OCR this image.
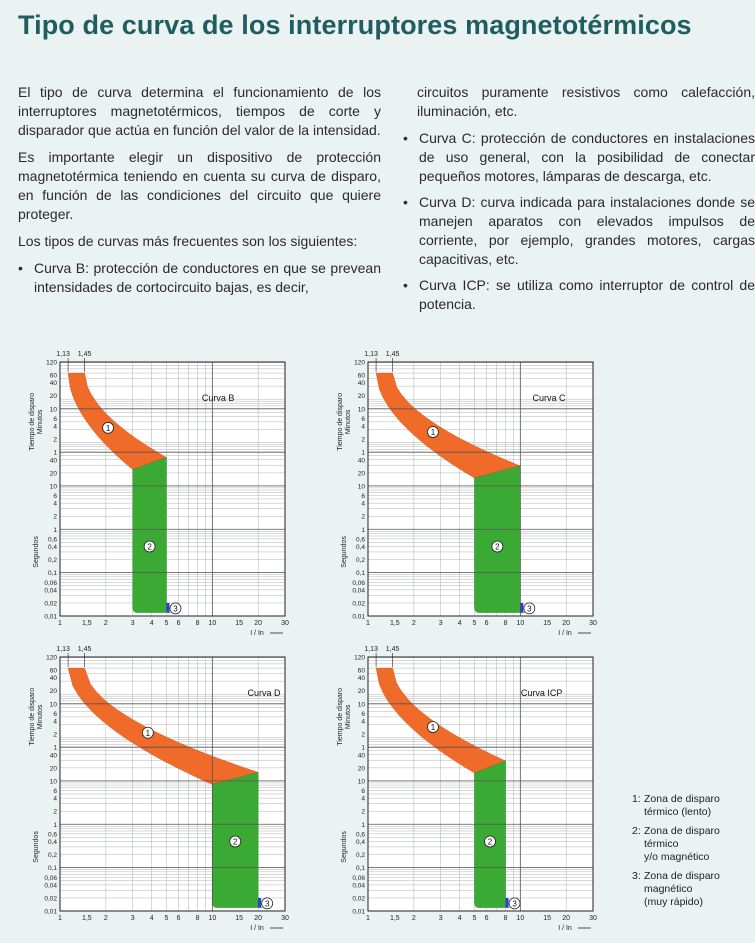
Tipo de curva de los interruptores magnetotérmicos

El tipo de curva determina el funcionamiento de los interruptores magnetotérmicos, tiempos de corte y disparador que actúa en función del valor de la intensidad.

Es importante elegir un dispositivo de protección magnetotérmica teniendo en cuenta su curva de disparo, en función de las condiciones del circuito que quiere proteger.

Los tipos de curvas más frecuentes son los siguientes:

• Curva B: protección de conductores en que se prevean intensidades de cortocircuito bajas, es decir,

circuitos puramente resistivos como calefacción, iluminación, etc.

• Curva C: protección de conductores en instalaciones de uso general, con la posibilidad de conectar pequeños motores, lámparas de descarga, etc.
• Curva D: curva indicada para instalaciones donde se manejen aparatos con elevados impulsos de corriente, por ejemplo, grandes motores, cargas capacitivas, etc.
• Curva ICP: se utiliza como interruptor de control de potencia.
1
2
3
Curva B
1	1,5 2	3 4 5 6 8 10	15 20	30
I / In
1,13 1,45
120
60
40
20
10
6
4
2
1
40
20
10
6
4
2
1
0,6
0,4
0,2
0,1
0,06
0,04
0,02
0,01
Tiempo de disparoMinutos
Segundos
1
2
3
Curva C
1	1,5 2	3 4 5 6 8 10	15 20	30
I / In
1,13 1,45
120
60
40
20
10
6
4
2
1
40
20
10
6
4
2
1
0,6
0,4
0,2
0,1
0,06
0,04
0,02
0,01
Tiempo de disparoMinutos
Segundos
1
2
3
Curva D
1	1,5 2	3 4 5 6 8 10	15 20	30
I / In
1,13 1,45
120
60
40
20
10
6
4
2
1
40
20
10
6
4
2
1
0,6
0,4
0,2
0,1
0,06
0,04
0,02
0,01
Tiempo de disparoMinutos
Segundos
1
2
3
Curva ICP
1	1,5 2	3 4 5 6 8 10	15 20	30
I / In
1,13 1,45
120
60
40
20
10
6
4
2
1
40
20
10
6
4
2
1
0,6
0,4
0,2
0,1
0,06
0,04
0,02
0,01
Tiempo de disparoMinutos
Segundos
1: Zona de disparo
térmico (lento)
2: Zona de disparo
térmico
y/o magnético
3: Zona de disparo
magnético
(muy rápido)
